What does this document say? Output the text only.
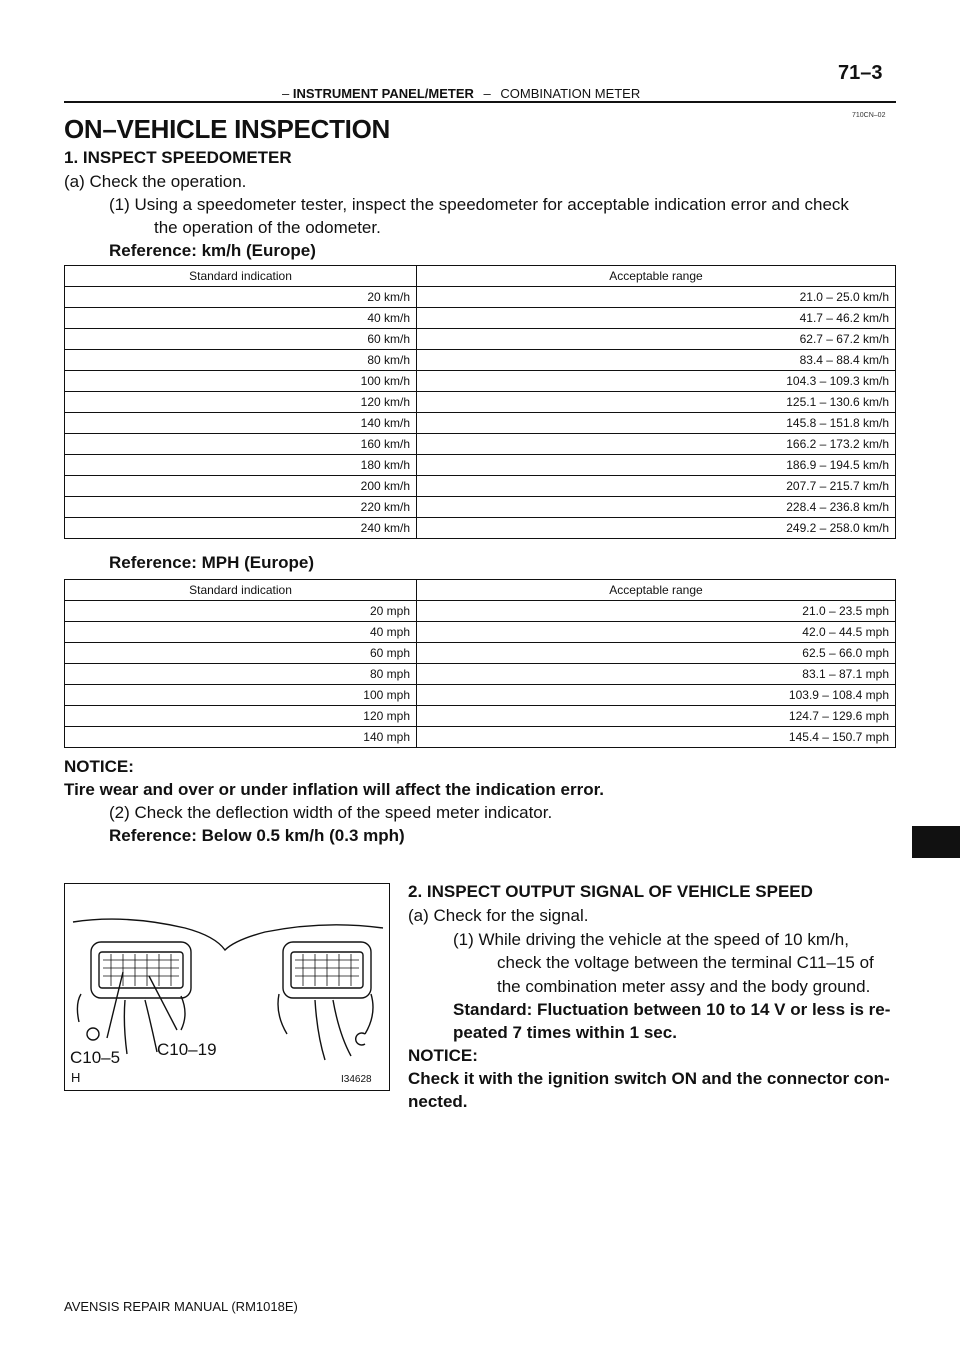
71–3
– INSTRUMENT PANEL/METER – COMBINATION METER
710CN–02
ON–VEHICLE INSPECTION
1. INSPECT SPEEDOMETER
(a) Check the operation.
(1) Using a speedometer tester, inspect the speedometer for acceptable indication error and check
the operation of the odometer.
Reference: km/h (Europe)
Standard indication	Acceptable range
20 km/h	21.0 – 25.0 km/h
40 km/h	41.7 – 46.2 km/h
60 km/h	62.7 – 67.2 km/h
80 km/h	83.4 – 88.4 km/h
100 km/h	104.3 – 109.3 km/h
120 km/h	125.1 – 130.6 km/h
140 km/h	145.8 – 151.8 km/h
160 km/h	166.2 – 173.2 km/h
180 km/h	186.9 – 194.5 km/h
200 km/h	207.7 – 215.7 km/h
220 km/h	228.4 – 236.8 km/h
240 km/h	249.2 – 258.0 km/h
Reference: MPH (Europe)
Standard indication	Acceptable range
20 mph	21.0 – 23.5 mph
40 mph	42.0 – 44.5 mph
60 mph	62.5 – 66.0 mph
80 mph	83.1 – 87.1 mph
100 mph	103.9 – 108.4 mph
120 mph	124.7 – 129.6 mph
140 mph	145.4 – 150.7 mph
NOTICE:
Tire wear and over or under inflation will affect the indication error.
(2) Check the deflection width of the speed meter indicator.
Reference: Below 0.5 km/h (0.3 mph)
C10–5 C10–19
H	I34628
2. INSPECT OUTPUT SIGNAL OF VEHICLE SPEED
(a) Check for the signal.
(1) While driving the vehicle at the speed of 10 km/h,
check the voltage between the terminal C11–15 of
the combination meter assy and the body ground.
Standard: Fluctuation between 10 to 14 V or less is re-
peated 7 times within 1 sec.
NOTICE:
Check it with the ignition switch ON and the connector con-
nected.
AVENSIS REPAIR MANUAL (RM1018E)
